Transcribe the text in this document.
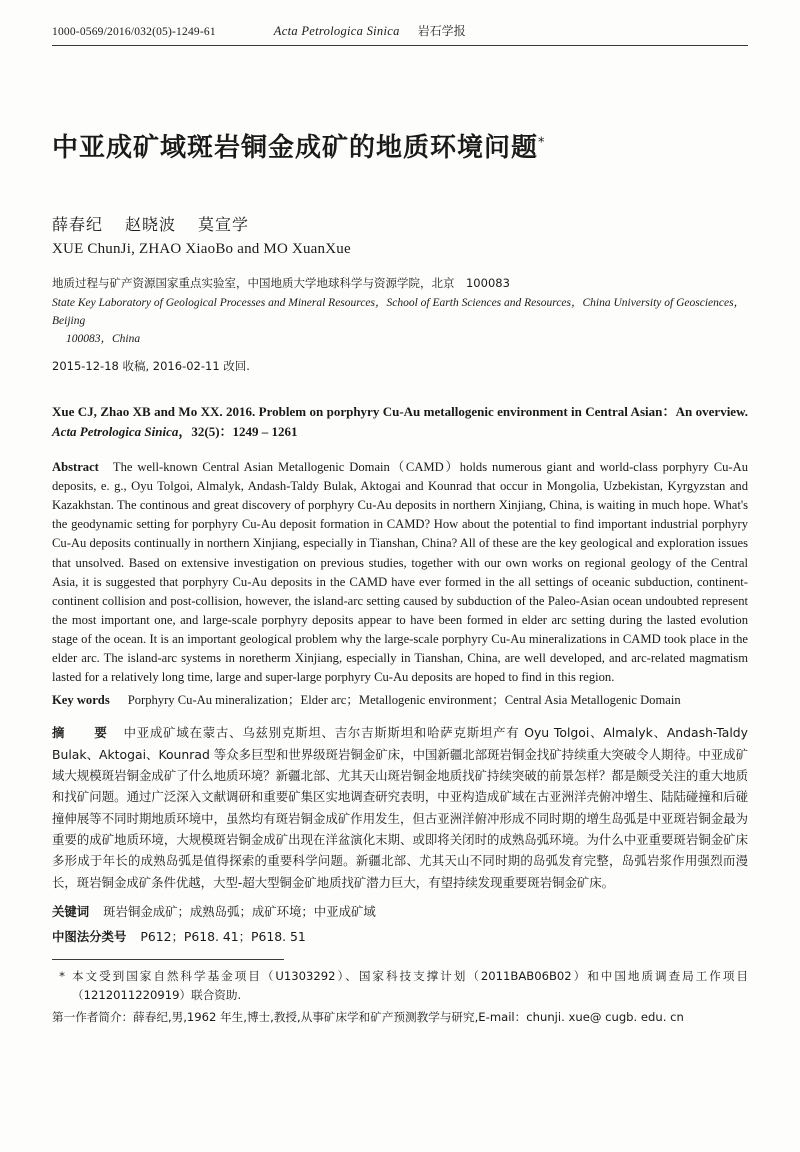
1000-0569/2016/032(05)-1249-61	Acta Petrologica Sinica 岩石学报
中亚成矿域斑岩铜金成矿的地质环境问题*
薛春纪 赵晓波 莫宣学
XUE ChunJi, ZHAO XiaoBo and MO XuanXue
地质过程与矿产资源国家重点实验室，中国地质大学地球科学与资源学院，北京　100083
State Key Laboratory of Geological Processes and Mineral Resources，School of Earth Sciences and Resources，China University of Geosciences，Beijing
100083，China
2015-12-18 收稿, 2016-02-11 改回.
Xue CJ, Zhao XB and Mo XX. 2016. Problem on porphyry Cu-Au metallogenic environment in Central Asian：An overview. Acta Petrologica Sinica，32(5)：1249 – 1261
Abstract The well-known Central Asian Metallogenic Domain（CAMD）holds numerous giant and world-class porphyry Cu-Au deposits, e. g., Oyu Tolgoi, Almalyk, Andash-Taldy Bulak, Aktogai and Kounrad that occur in Mongolia, Uzbekistan, Kyrgyzstan and Kazakhstan. The continous and great discovery of porphyry Cu-Au deposits in northern Xinjiang, China, is waiting in much hope. What's the geodynamic setting for porphyry Cu-Au deposit formation in CAMD? How about the potential to find important industrial porphyry Cu-Au deposits continually in northern Xinjiang, especially in Tianshan, China? All of these are the key geological and exploration issues that unsolved. Based on extensive investigation on previous studies, together with our own works on regional geology of the Central Asia, it is suggested that porphyry Cu-Au deposits in the CAMD have ever formed in the all settings of oceanic subduction, continent-continent collision and post-collision, however, the island-arc setting caused by subduction of the Paleo-Asian ocean undoubted represent the most important one, and large-scale porphyry deposits appear to have been formed in elder arc setting during the lasted evolution stage of the ocean. It is an important geological problem why the large-scale porphyry Cu-Au mineralizations in CAMD took place in the elder arc. The island-arc systems in noretherm Xinjiang, especially in Tianshan, China, are well developed, and arc-related magmatism lasted for a relatively long time, large and super-large porphyry Cu-Au deposits are hoped to find in this region.
Key words Porphyry Cu-Au mineralization；Elder arc；Metallogenic environment；Central Asia Metallogenic Domain
摘　要 中亚成矿域在蒙古、乌兹别克斯坦、吉尔吉斯斯坦和哈萨克斯坦产有 Oyu Tolgoi、Almalyk、Andash-Taldy Bulak、Aktogai、Kounrad 等众多巨型和世界级斑岩铜金矿床，中国新疆北部斑岩铜金找矿持续重大突破令人期待。中亚成矿域大规模斑岩铜金成矿了什么地质环境？新疆北部、尤其天山斑岩铜金地质找矿持续突破的前景怎样？都是颇受关注的重大地质和找矿问题。通过广泛深入文献调研和重要矿集区实地调查研究表明，中亚构造成矿域在古亚洲洋壳俯冲增生、陆陆碰撞和后碰撞伸展等不同时期地质环境中，虽然均有斑岩铜金成矿作用发生，但古亚洲洋俯冲形成不同时期的增生岛弧是中亚斑岩铜金最为重要的成矿地质环境，大规模斑岩铜金成矿出现在洋盆演化末期、或即将关闭时的成熟岛弧环境。为什么中亚重要斑岩铜金矿床多形成于年长的成熟岛弧是值得探索的重要科学问题。新疆北部、尤其天山不同时期的岛弧发育完整，岛弧岩浆作用强烈而漫长，斑岩铜金成矿条件优越，大型-超大型铜金矿地质找矿潜力巨大，有望持续发现重要斑岩铜金矿床。
关键词 斑岩铜金成矿；成熟岛弧；成矿环境；中亚成矿域
中图法分类号 P612；P618. 41；P618. 51
* 本文受到国家自然科学基金项目（U1303292）、国家科技支撑计划（2011BAB06B02）和中国地质调查局工作项目（1212011220919）联合资助.
第一作者简介：薛春纪,男,1962 年生,博士,教授,从事矿床学和矿产预测教学与研究,E-mail：chunji. xue@ cugb. edu. cn
